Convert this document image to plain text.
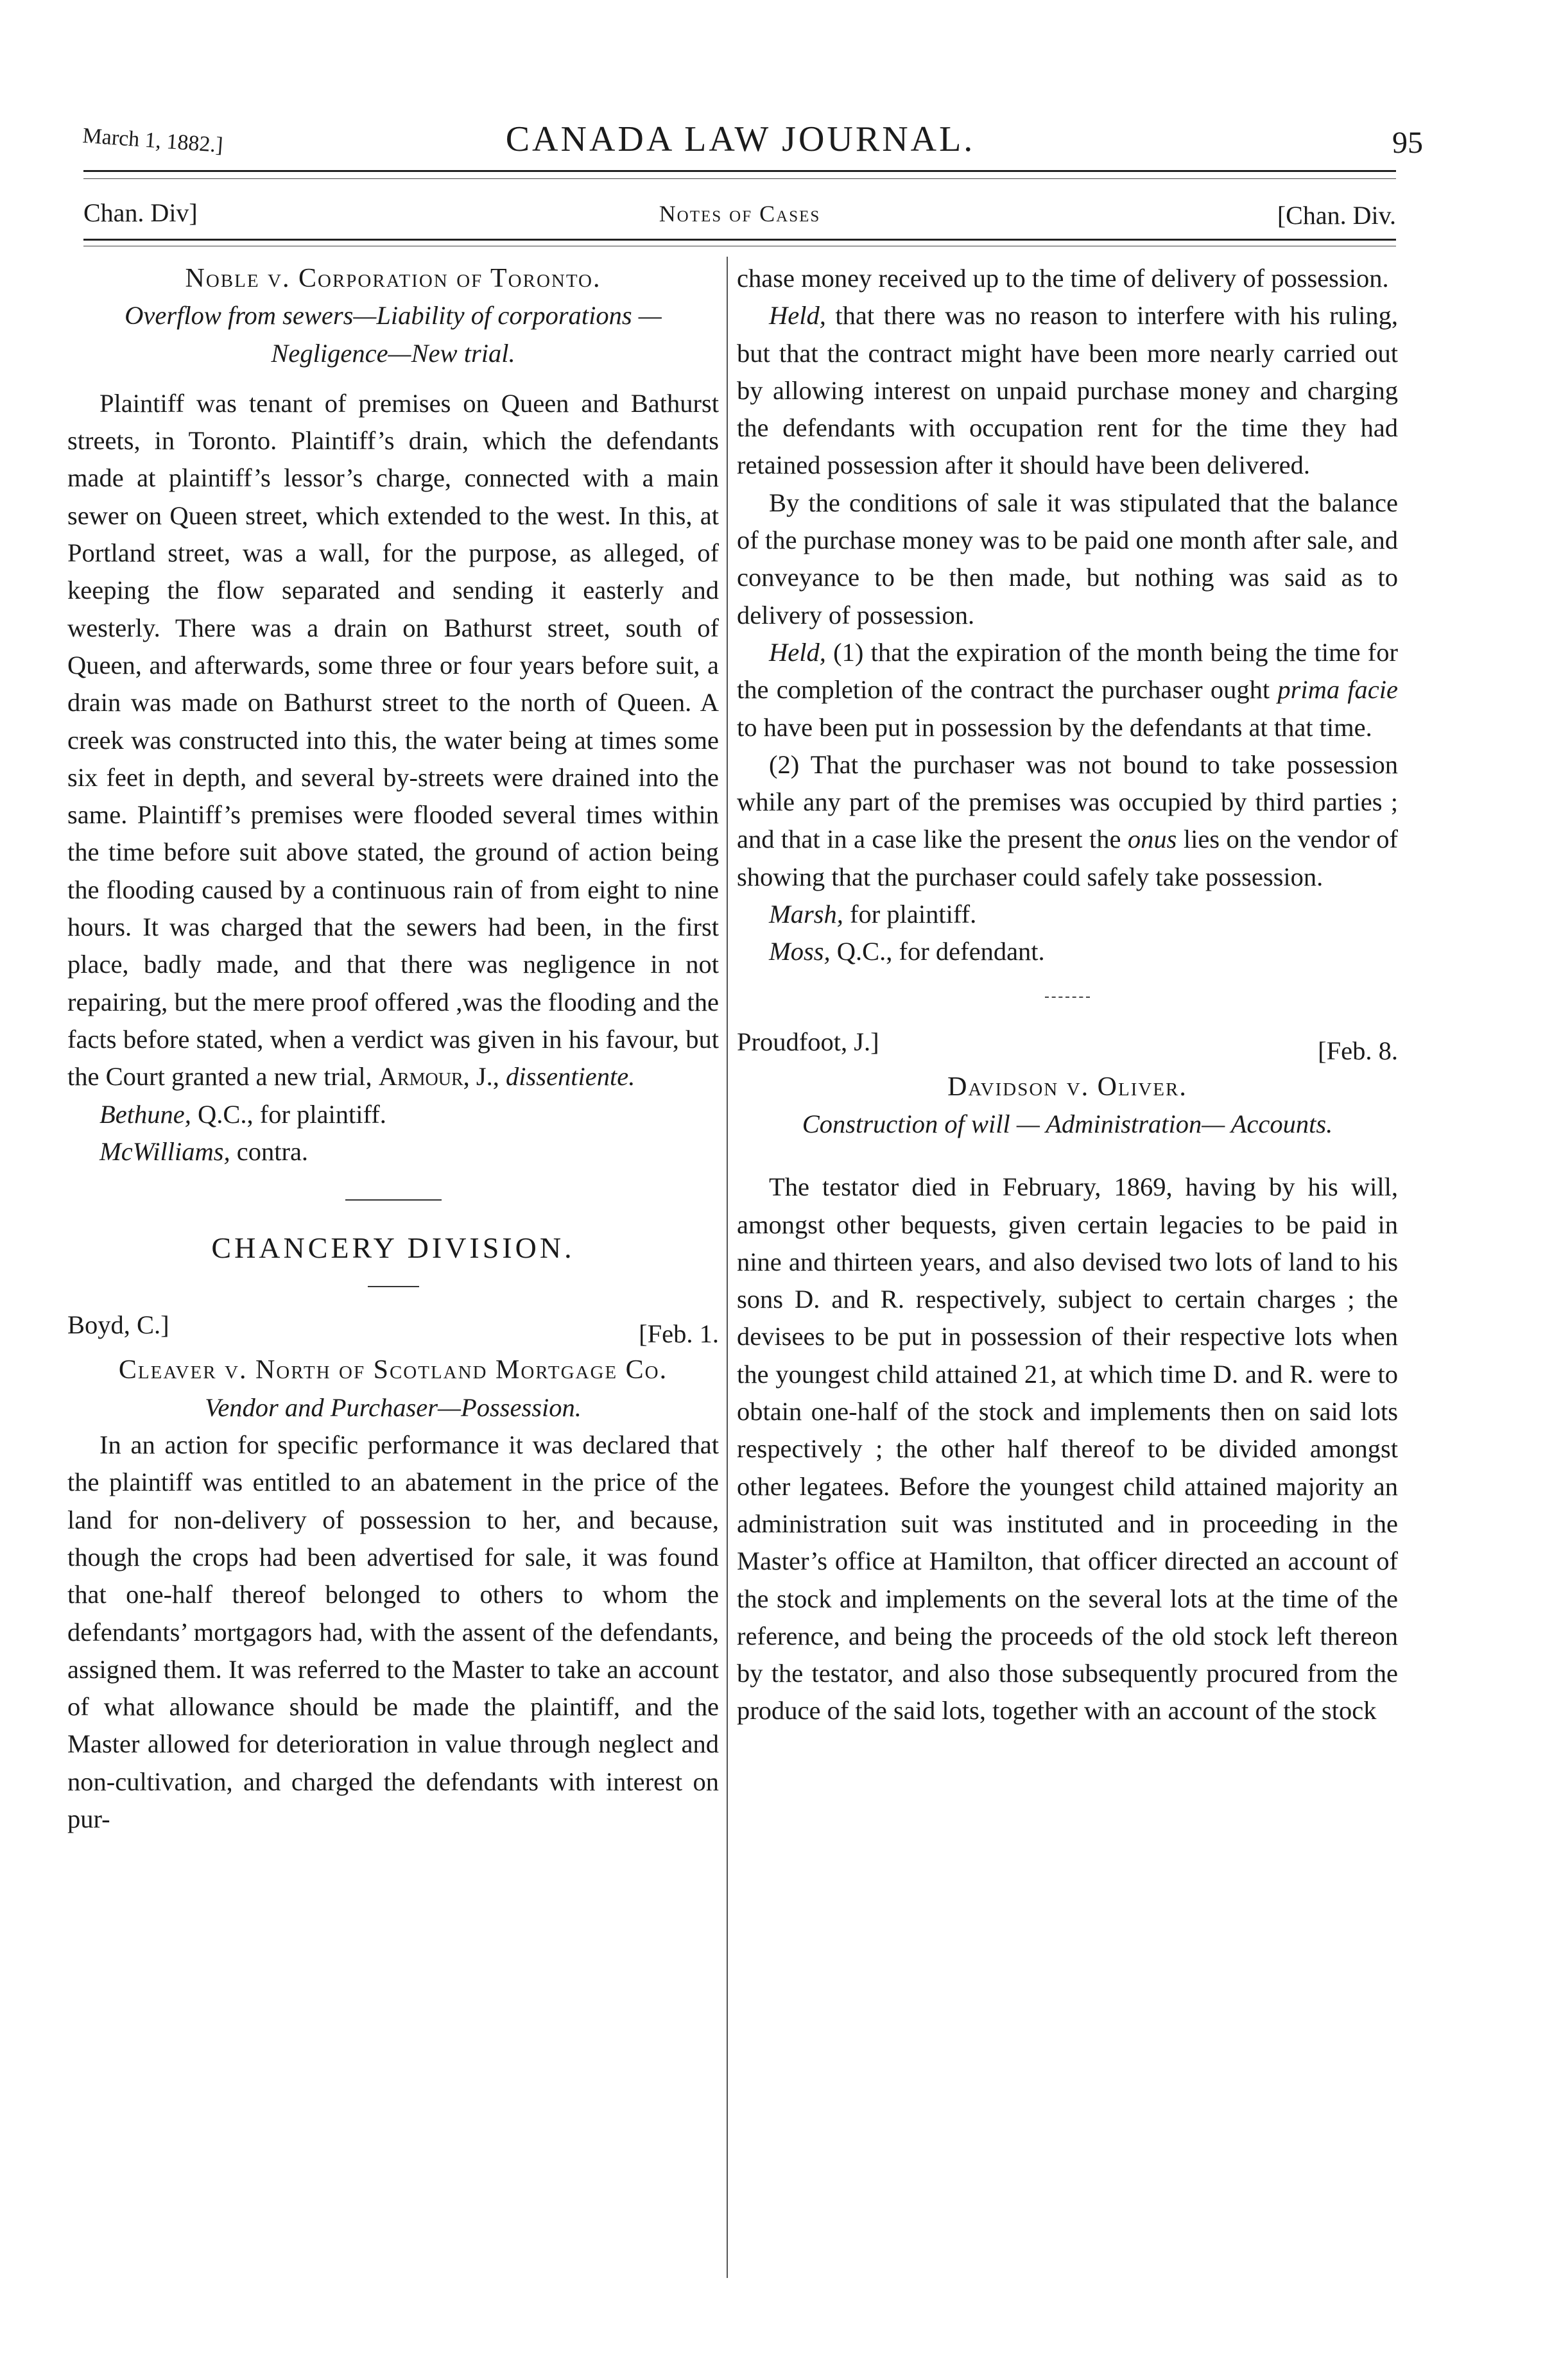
March 1, 1882.]	CANADA LAW JOURNAL.	95
Chan. Div]	Notes of Cases	[Chan. Div.

Noble v. Corporation of Toronto.

Overflow from sewers—Liability of corporations —Negligence—New trial.

Plaintiff was tenant of premises on Queen and Bathurst streets, in Toronto. Plaintiff’s drain, which the defendants made at plaintiff’s lessor’s charge, connected with a main sewer on Queen street, which extended to the west. In this, at Portland street, was a wall, for the purpose, as alleged, of keeping the flow separated and sending it easterly and westerly. There was a drain on Bathurst street, south of Queen, and afterwards, some three or four years before suit, a drain was made on Bathurst street to the north of Queen. A creek was constructed into this, the water being at times some six feet in depth, and several by-streets were drained into the same. Plaintiff’s premises were flooded several times within the time before suit above stated, the ground of action being the flooding caused by a continuous rain of from eight to nine hours. It was charged that the sewers had been, in the first place, badly made, and that there was negligence in not repairing, but the mere proof offered ,was the flooding and the facts before stated, when a verdict was given in his favour, but the Court granted a new trial, Armour, J., dissentiente.

Bethune, Q.C., for plaintiff.

McWilliams, contra.

CHANCERY DIVISION.

Boyd, C.]	[Feb. 1.

Cleaver v. North of Scotland Mortgage Co.

Vendor and Purchaser—Possession.

In an action for specific performance it was declared that the plaintiff was entitled to an abatement in the price of the land for non-delivery of possession to her, and because, though the crops had been advertised for sale, it was found that one-half thereof belonged to others to whom the defendants’ mortgagors had, with the assent of the defendants, assigned them. It was referred to the Master to take an account of what allowance should be made the plaintiff, and the Master allowed for deterioration in value through neglect and non-cultivation, and charged the defendants with interest on pur-

chase money received up to the time of delivery of possession.

Held, that there was no reason to interfere with his ruling, but that the contract might have been more nearly carried out by allowing interest on unpaid purchase money and charging the defendants with occupation rent for the time they had retained possession after it should have been delivered.

By the conditions of sale it was stipulated that the balance of the purchase money was to be paid one month after sale, and conveyance to be then made, but nothing was said as to delivery of possession.

Held, (1) that the expiration of the month being the time for the completion of the contract the purchaser ought prima facie to have been put in possession by the defendants at that time.

(2) That the purchaser was not bound to take possession while any part of the premises was occupied by third parties ; and that in a case like the present the onus lies on the vendor of showing that the purchaser could safely take possession.

Marsh, for plaintiff.

Moss, Q.C., for defendant.

Proudfoot, J.]	[Feb. 8.

Davidson v. Oliver.

Construction of will — Administration— Accounts.

The testator died in February, 1869, having by his will, amongst other bequests, given certain legacies to be paid in nine and thirteen years, and also devised two lots of land to his sons D. and R. respectively, subject to certain charges ; the devisees to be put in possession of their respective lots when the youngest child attained 21, at which time D. and R. were to obtain one-half of the stock and implements then on said lots respectively ; the other half thereof to be divided amongst other legatees. Before the youngest child attained majority an administration suit was instituted and in proceeding in the Master’s office at Hamilton, that officer directed an account of the stock and implements on the several lots at the time of the reference, and being the proceeds of the old stock left thereon by the testator, and also those subsequently procured from the produce of the said lots, together with an account of the stock
